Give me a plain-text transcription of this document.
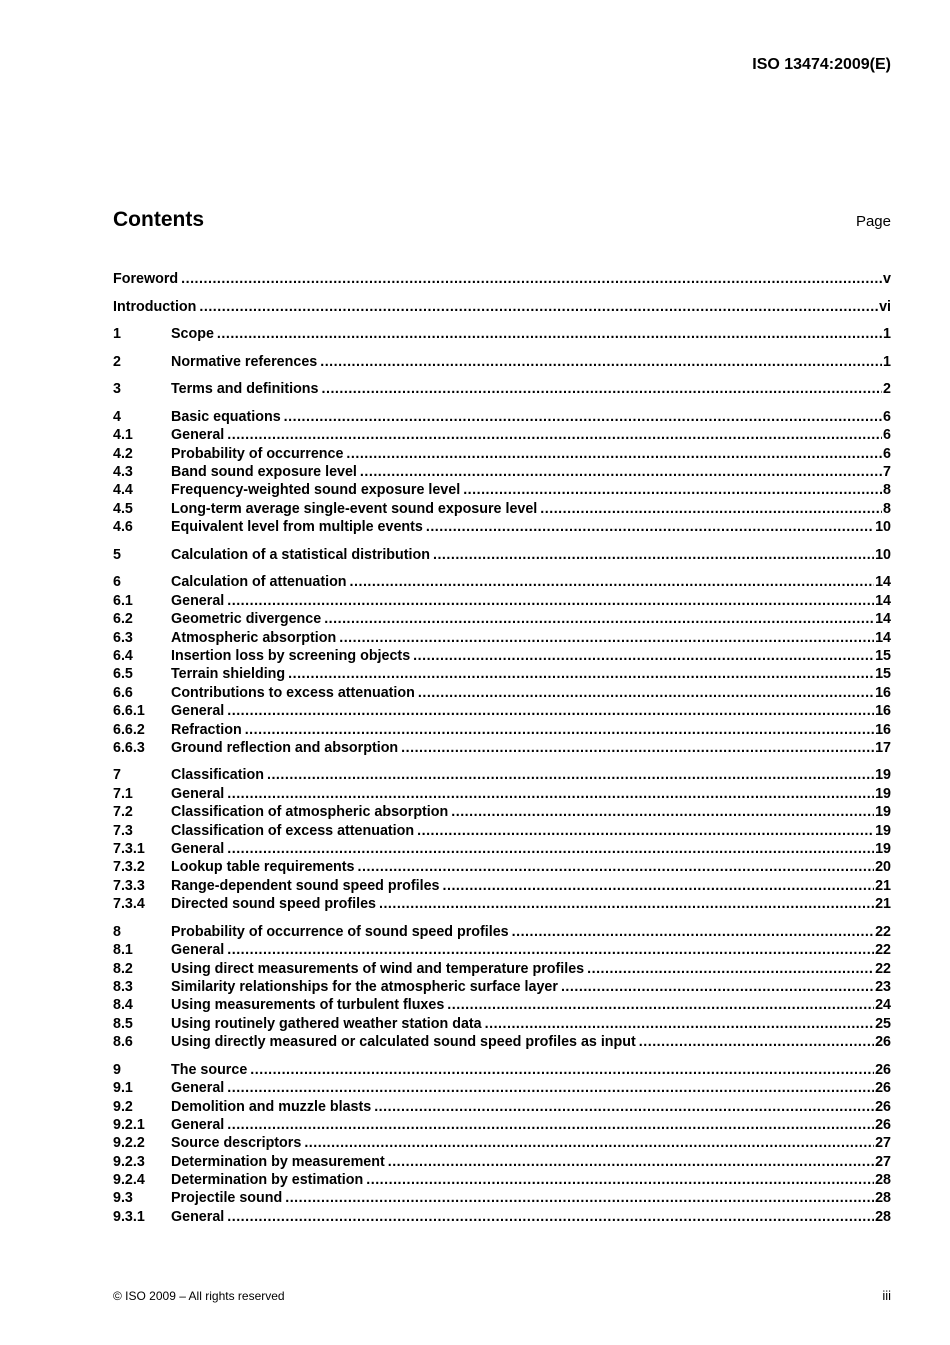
ISO 13474:2009(E)
Contents	Page
Foreword .....	v
Introduction .....	vi
1	Scope .....	1
2	Normative references .....	1
3	Terms and definitions .....	2
4	Basic equations .....	6
4.1	General .....	6
4.2	Probability of occurrence .....	6
4.3	Band sound exposure level .....	7
4.4	Frequency-weighted sound exposure level .....	8
4.5	Long-term average single-event sound exposure level .....	8
4.6	Equivalent level from multiple events .....	10
5	Calculation of a statistical distribution .....	10
6	Calculation of attenuation .....	14
6.1	General .....	14
6.2	Geometric divergence .....	14
6.3	Atmospheric absorption .....	14
6.4	Insertion loss by screening objects .....	15
6.5	Terrain shielding .....	15
6.6	Contributions to excess attenuation .....	16
6.6.1	General .....	16
6.6.2	Refraction .....	16
6.6.3	Ground reflection and absorption .....	17
7	Classification .....	19
7.1	General .....	19
7.2	Classification of atmospheric absorption .....	19
7.3	Classification of excess attenuation .....	19
7.3.1	General .....	19
7.3.2	Lookup table requirements .....	20
7.3.3	Range-dependent sound speed profiles .....	21
7.3.4	Directed sound speed profiles .....	21
8	Probability of occurrence of sound speed profiles .....	22
8.1	General .....	22
8.2	Using direct measurements of wind and temperature profiles .....	22
8.3	Similarity relationships for the atmospheric surface layer .....	23
8.4	Using measurements of turbulent fluxes .....	24
8.5	Using routinely gathered weather station data .....	25
8.6	Using directly measured or calculated sound speed profiles as input .....	26
9	The source .....	26
9.1	General .....	26
9.2	Demolition and muzzle blasts .....	26
9.2.1	General .....	26
9.2.2	Source descriptors .....	27
9.2.3	Determination by measurement .....	27
9.2.4	Determination by estimation .....	28
9.3	Projectile sound .....	28
9.3.1	General .....	28
© ISO 2009 – All rights reserved	iii
